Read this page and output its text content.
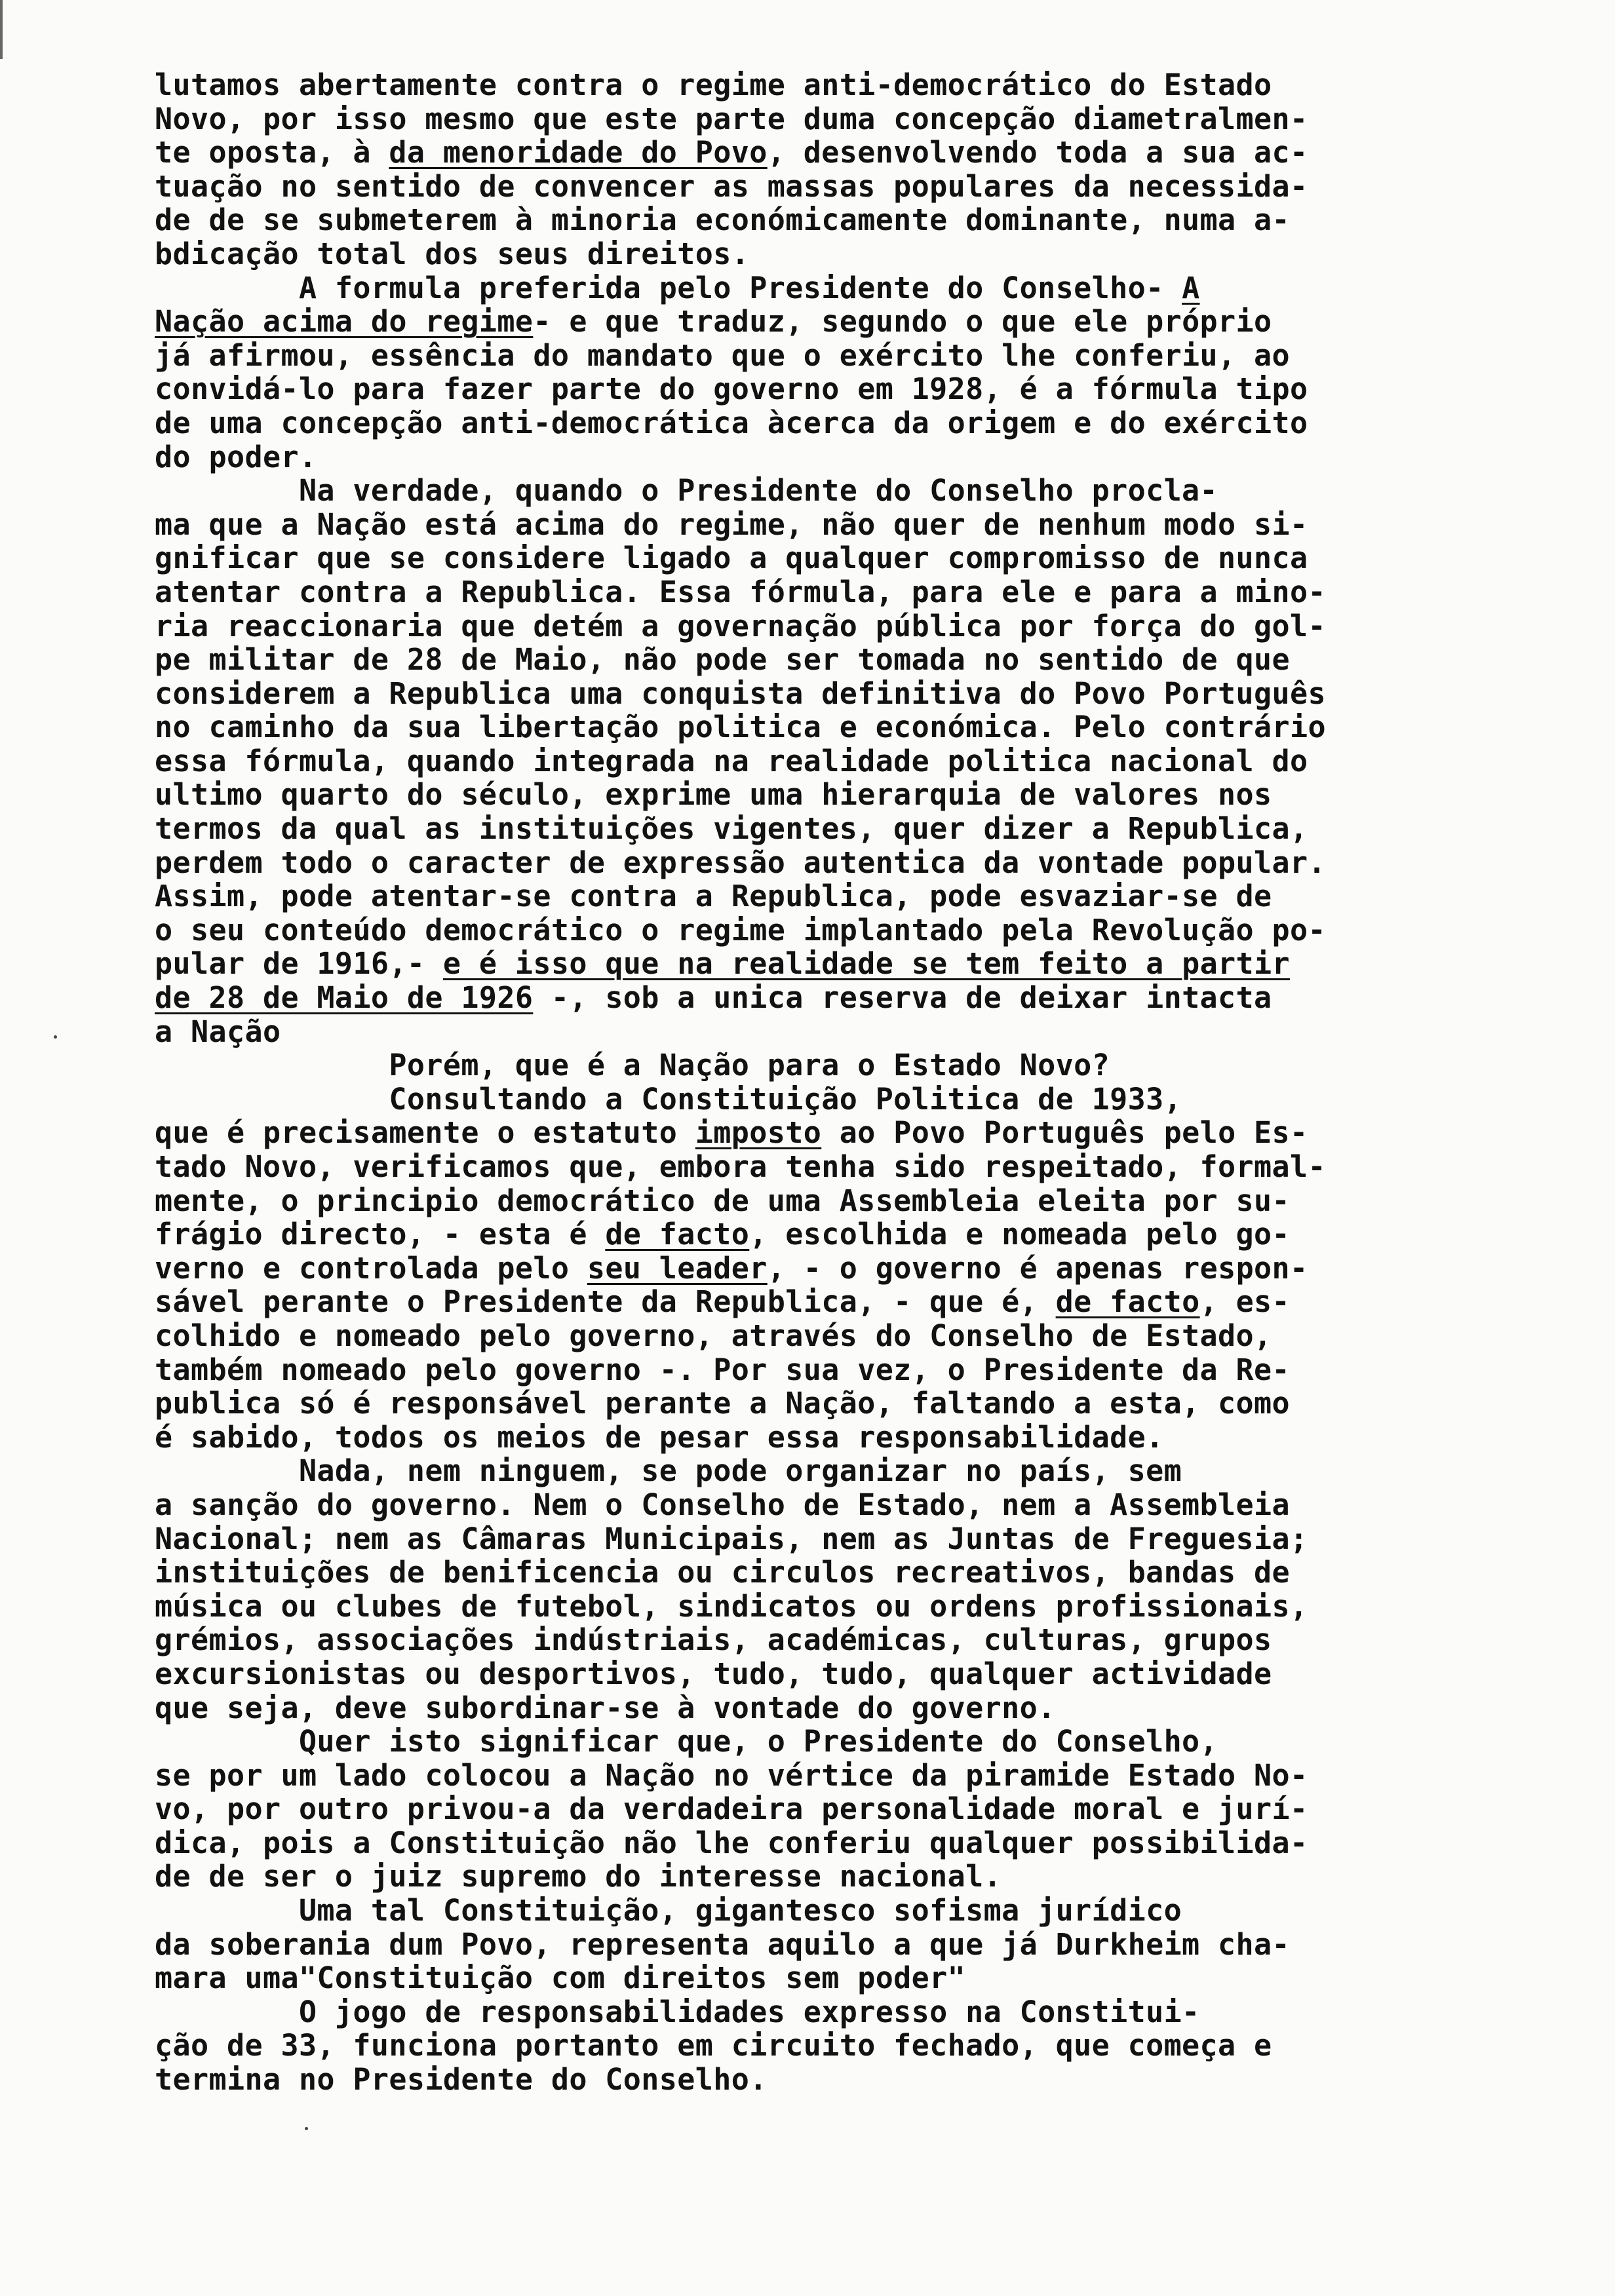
lutamos abertamente contra o regime anti-democrático do Estado
Novo, por isso mesmo que este parte duma concepção diametralmen-
te oposta, à da menoridade do Povo, desenvolvendo toda a sua ac-
tuação no sentido de convencer as massas populares da necessida-
de de se submeterem à minoria económicamente dominante, numa a-
bdicação total dos seus direitos.
A formula preferida pelo Presidente do Conselho- A
Nação acima do regime- e que traduz, segundo o que ele próprio
já afirmou, essência do mandato que o exército lhe conferiu, ao
convidá-lo para fazer parte do governo em 1928, é a fórmula tipo
de uma concepção anti-democrática àcerca da origem e do exército
do poder.
Na verdade, quando o Presidente do Conselho procla-
ma que a Nação está acima do regime, não quer de nenhum modo si-
gnificar que se considere ligado a qualquer compromisso de nunca
atentar contra a Republica. Essa fórmula, para ele e para a mino-
ria reaccionaria que detém a governação pública por força do gol-
pe militar de 28 de Maio, não pode ser tomada no sentido de que
considerem a Republica uma conquista definitiva do Povo Português
no caminho da sua libertação politica e económica. Pelo contrário
essa fórmula, quando integrada na realidade politica nacional do
ultimo quarto do século, exprime uma hierarquia de valores nos
termos da qual as instituições vigentes, quer dizer a Republica,
perdem todo o caracter de expressão autentica da vontade popular.
Assim, pode atentar-se contra a Republica, pode esvaziar-se de
o seu conteúdo democrático o regime implantado pela Revolução po-
pular de 1916,- e é isso que na realidade se tem feito a partir
de 28 de Maio de 1926 -, sob a unica reserva de deixar intacta
a Nação
Porém, que é a Nação para o Estado Novo?
Consultando a Constituição Politica de 1933,
que é precisamente o estatuto imposto ao Povo Português pelo Es-
tado Novo, verificamos que, embora tenha sido respeitado, formal-
mente, o principio democrático de uma Assembleia eleita por su-
frágio directo, - esta é de facto, escolhida e nomeada pelo go-
verno e controlada pelo seu leader, - o governo é apenas respon-
sável perante o Presidente da Republica, - que é, de facto, es-
colhido e nomeado pelo governo, através do Conselho de Estado,
também nomeado pelo governo -. Por sua vez, o Presidente da Re-
publica só é responsável perante a Nação, faltando a esta, como
é sabido, todos os meios de pesar essa responsabilidade.
Nada, nem ninguem, se pode organizar no país, sem
a sanção do governo. Nem o Conselho de Estado, nem a Assembleia
Nacional; nem as Câmaras Municipais, nem as Juntas de Freguesia;
instituições de benificencia ou circulos recreativos, bandas de
música ou clubes de futebol, sindicatos ou ordens profissionais,
grémios, associações indústriais, académicas, culturas, grupos
excursionistas ou desportivos, tudo, tudo, qualquer actividade
que seja, deve subordinar-se à vontade do governo.
Quer isto significar que, o Presidente do Conselho,
se por um lado colocou a Nação no vértice da piramide Estado No-
vo, por outro privou-a da verdadeira personalidade moral e jurí-
dica, pois a Constituição não lhe conferiu qualquer possibilida-
de de ser o juiz supremo do interesse nacional.
Uma tal Constituição, gigantesco sofisma jurídico
da soberania dum Povo, representa aquilo a que já Durkheim cha-
mara uma"Constituição com direitos sem poder"
O jogo de responsabilidades expresso na Constitui-
ção de 33, funciona portanto em circuito fechado, que começa e
termina no Presidente do Conselho.
